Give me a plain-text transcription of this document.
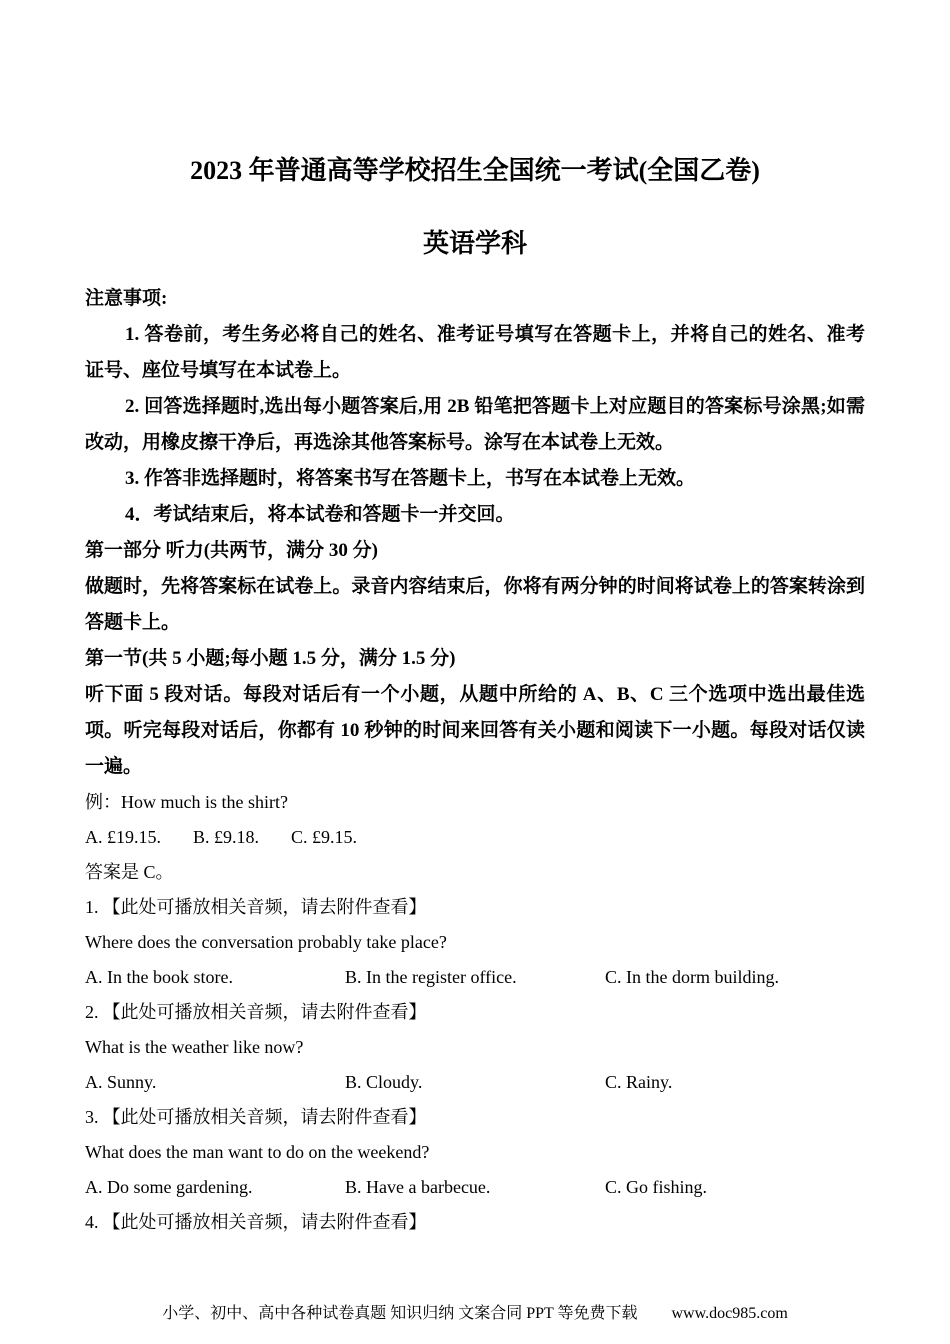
2023 年普通高等学校招生全国统一考试(全国乙卷)
英语学科

注意事项:

1. 答卷前，考生务必将自己的姓名、准考证号填写在答题卡上，并将自己的姓名、准考证号、座位号填写在本试卷上。

2. 回答选择题时,选出每小题答案后,用 2B 铅笔把答题卡上对应题目的答案标号涂黑;如需改动，用橡皮擦干净后，再选涂其他答案标号。涂写在本试卷上无效。

3. 作答非选择题时，将答案书写在答题卡上，书写在本试卷上无效。

4．考试结束后，将本试卷和答题卡一并交回。

第一部分 听力(共两节，满分 30 分)

做题时，先将答案标在试卷上。录音内容结束后，你将有两分钟的时间将试卷上的答案转涂到答题卡上。

第一节(共 5 小题;每小题 1.5 分，满分 1.5 分)

听下面 5 段对话。每段对话后有一个小题，从题中所给的 A、B、C 三个选项中选出最佳选项。听完每段对话后，你都有 10 秒钟的时间来回答有关小题和阅读下一小题。每段对话仅读一遍。

例：How much is the shirt?

A. £19.15. B. £9.18. C. £9.15.

答案是 C。

1. 【此处可播放相关音频，请去附件查看】

Where does the conversation probably take place?

A. In the book store.	B. In the register office.	C. In the dorm building.

2. 【此处可播放相关音频，请去附件查看】

What is the weather like now?

A. Sunny.	B. Cloudy.	C. Rainy.

3. 【此处可播放相关音频，请去附件查看】

What does the man want to do on the weekend?

A. Do some gardening.	B. Have a barbecue.	C. Go fishing.

4. 【此处可播放相关音频，请去附件查看】

小学、初中、高中各种试卷真题 知识归纳 文案合同 PPT 等免费下载 www.doc985.com
